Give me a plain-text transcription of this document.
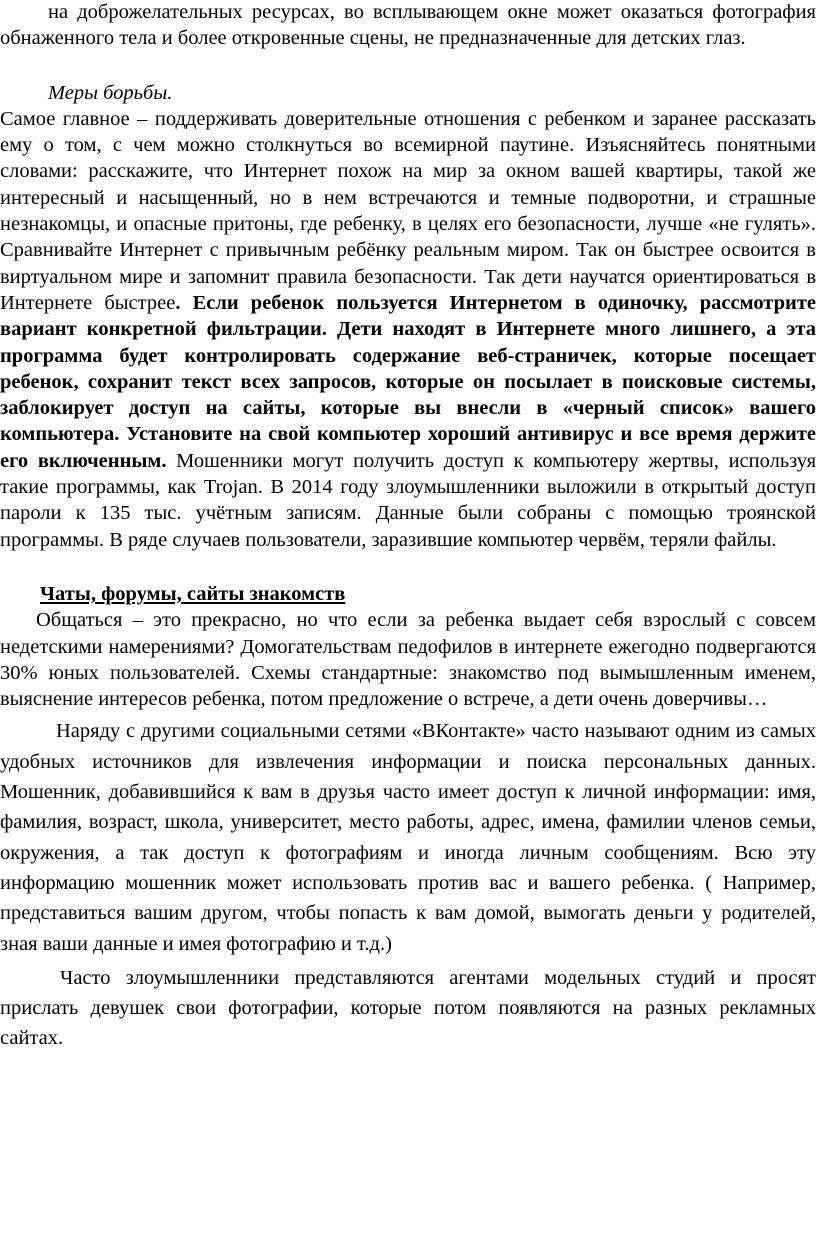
на доброжелательных ресурсах, во всплывающем окне может оказаться фотография обнаженного тела и более откровенные сцены, не предназначенные для детских глаз.

Меры борьбы.

Самое главное – поддерживать доверительные отношения с ребенком и заранее рассказать ему о том, с чем можно столкнуться во всемирной паутине. Изъясняйтесь понятными словами: расскажите, что Интернет похож на мир за окном вашей квартиры, такой же интересный и насыщенный, но в нем встречаются и темные подворотни, и страшные незнакомцы, и опасные притоны, где ребенку, в целях его безопасности, лучше «не гулять». Сравнивайте Интернет с привычным ребёнку реальным миром. Так он быстрее освоится в виртуальном мире и запомнит правила безопасности. Так дети научатся ориентироваться в Интернете быстрее. Если ребенок пользуется Интернетом в одиночку, рассмотрите вариант конкретной фильтрации. Дети находят в Интернете много лишнего, а эта программа будет контролировать содержание веб-страничек, которые посещает ребенок, сохранит текст всех запросов, которые он посылает в поисковые системы, заблокирует доступ на сайты, которые вы внесли в «черный список» вашего компьютера. Установите на свой компьютер хороший антивирус и все время держите его включенным. Мошенники могут получить доступ к компьютеру жертвы, используя такие программы, как Trojan. В 2014 году злоумышленники выложили в открытый доступ пароли к 135 тыс. учётным записям. Данные были собраны с помощью троянской программы. В ряде случаев пользователи, заразившие компьютер червём, теряли файлы.

Чаты, форумы, сайты знакомств

Общаться – это прекрасно, но что если за ребенка выдает себя взрослый с совсем недетскими намерениями? Домогательствам педофилов в интернете ежегодно подвергаются 30% юных пользователей. Схемы стандартные: знакомство под вымышленным именем, выяснение интересов ребенка, потом предложение о встрече, а дети очень доверчивы…

Наряду с другими социальными сетями «ВКонтакте» часто называют одним из самых удобных источников для извлечения информации и поиска персональных данных. Мошенник, добавившийся к вам в друзья часто имеет доступ к личной информации: имя, фамилия, возраст, школа, университет, место работы, адрес, имена, фамилии членов семьи, окружения, а так доступ к фотографиям и иногда личным сообщениям. Всю эту информацию мошенник может использовать против вас и вашего ребенка. ( Например, представиться вашим другом, чтобы попасть к вам домой, вымогать деньги у родителей, зная ваши данные и имея фотографию и т.д.)

Часто злоумышленники представляются агентами модельных студий и просят прислать девушек свои фотографии, которые потом появляются на разных рекламных сайтах.
